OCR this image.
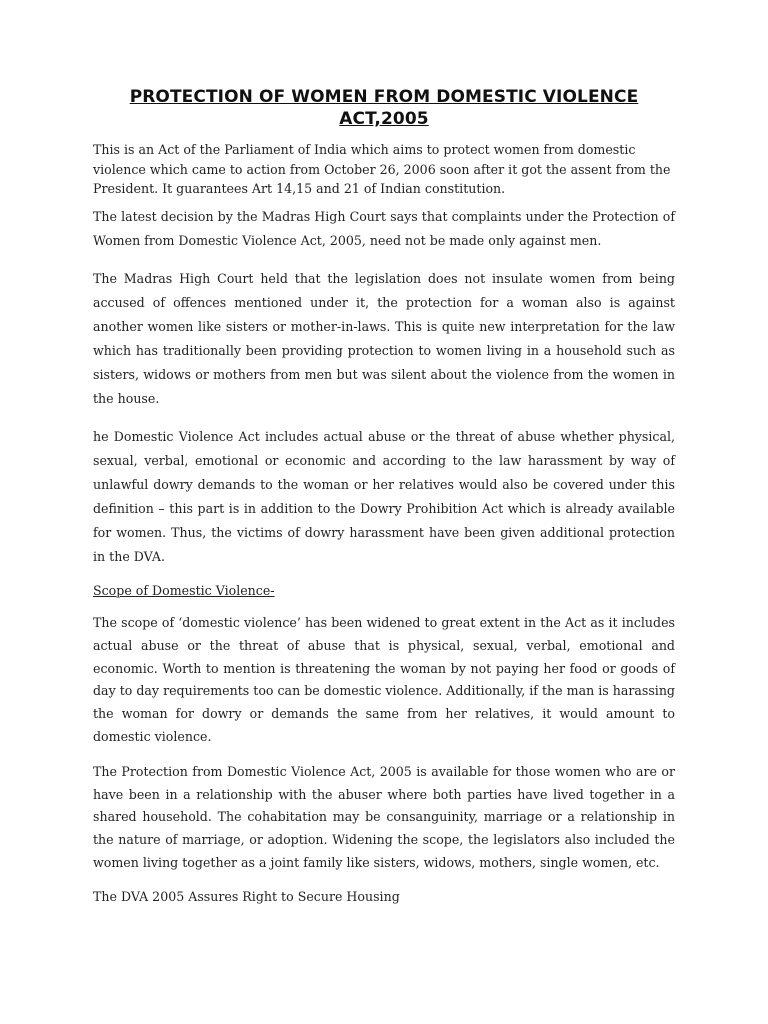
PROTECTION OF WOMEN FROM DOMESTIC VIOLENCE ACT,2005

This is an Act of the Parliament of India which aims to protect women from domestic violence which came to action from October 26, 2006 soon after it got the assent from the President. It guarantees Art 14,15 and 21 of Indian constitution.

The latest decision by the Madras High Court says that complaints under the Protection of Women from Domestic Violence Act, 2005, need not be made only against men.

The Madras High Court held that the legislation does not insulate women from being accused of offences mentioned under it, the protection for a woman also is against another women like sisters or mother-in-laws. This is quite new interpretation for the law which has traditionally been providing protection to women living in a household such as sisters, widows or mothers from men but was silent about the violence from the women in the house.

he Domestic Violence Act includes actual abuse or the threat of abuse whether physical, sexual, verbal, emotional or economic and according to the law harassment by way of unlawful dowry demands to the woman or her relatives would also be covered under this definition – this part is in addition to the Dowry Prohibition Act which is already available for women. Thus, the victims of dowry harassment have been given additional protection in the DVA.

Scope of Domestic Violence-

The scope of ‘domestic violence’ has been widened to great extent in the Act as it includes actual abuse or the threat of abuse that is physical, sexual, verbal, emotional and economic. Worth to mention is threatening the woman by not paying her food or goods of day to day requirements too can be domestic violence. Additionally, if the man is harassing the woman for dowry or demands the same from her relatives, it would amount to domestic violence.

The Protection from Domestic Violence Act, 2005 is available for those women who are or have been in a relationship with the abuser where both parties have lived together in a shared household. The cohabitation may be consanguinity, marriage or a relationship in the nature of marriage, or adoption. Widening the scope, the legislators also included the women living together as a joint family like sisters, widows, mothers, single women, etc.

The DVA 2005 Assures Right to Secure Housing
